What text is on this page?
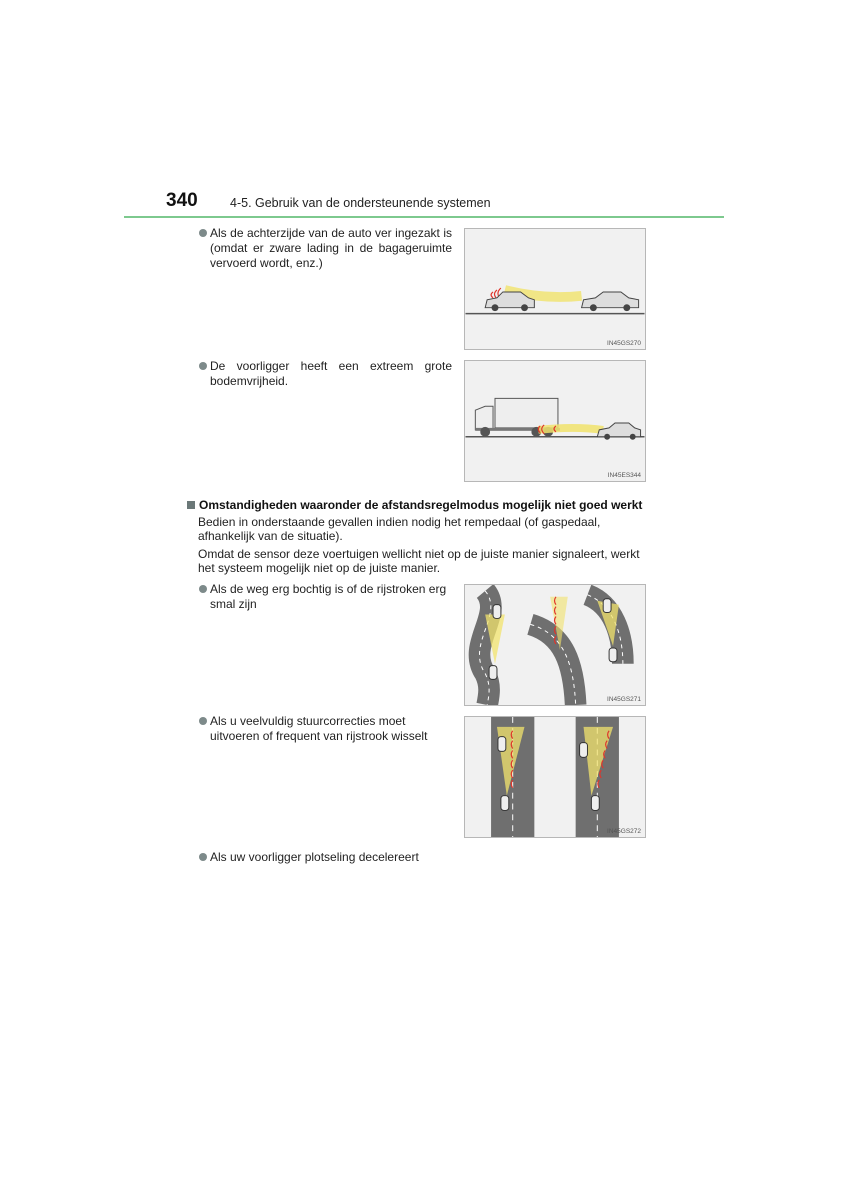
340	4-5. Gebruik van de ondersteunende systemen
Als de achterzijde van de auto ver ingezakt is (omdat er zware lading in de bagageruimte vervoerd wordt, enz.)
IN45GS270
De voorligger heeft een extreem grote bodemvrijheid.
IN45ES344
Omstandigheden waaronder de afstandsregelmodus mogelijk niet goed werkt
Bedien in onderstaande gevallen indien nodig het rempedaal (of gaspedaal, afhankelijk van de situatie).
Omdat de sensor deze voertuigen wellicht niet op de juiste manier signaleert, werkt het systeem mogelijk niet op de juiste manier.
Als de weg erg bochtig is of de rijstroken erg smal zijn
IN45GS271
Als u veelvuldig stuurcorrecties moet uitvoeren of frequent van rijstrook wisselt
IN45GS272
Als uw voorligger plotseling decelereert
